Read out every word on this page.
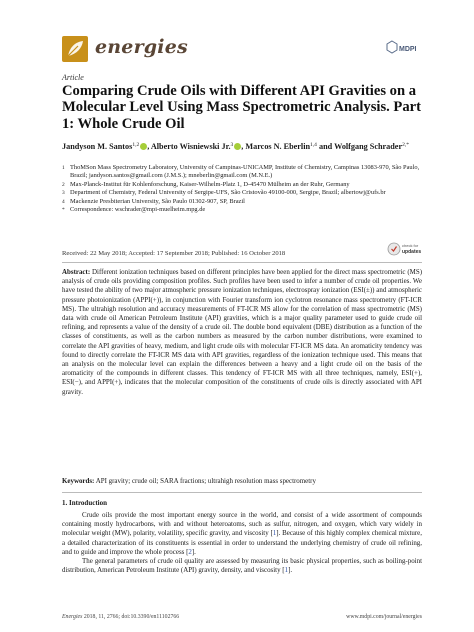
energies	MDPI
Article
Comparing Crude Oils with Different API Gravities on a Molecular Level Using Mass Spectrometric Analysis. Part 1: Whole Crude Oil
Jandyson M. Santos$^{1,2}$ , Alberto Wisniewski Jr.$^3$ , Marcos N. Eberlin$^{1,4}$ and Wolfgang Schrader$^{2,*}$
1 ThoMSon Mass Spectrometry Laboratory, University of Campinas-UNICAMP, Institute of Chemistry, Campinas 13083-970, São Paulo, Brazil; jandyson.santos@gmail.com (J.M.S.); mneberlin@gmail.com (M.N.E.)
2 Max-Planck-Institut für Kohlenforschung, Kaiser-Wilhelm-Platz 1, D-45470 Mülheim an der Ruhr, Germany
3 Department of Chemistry, Federal University of Sergipe-UFS, São Cristovão 49100-000, Sergipe, Brazil; albertowj@ufs.br
4 Mackenzie Presbiterian University, São Paulo 01302-907, SP, Brazil
* Correspondence: wschrader@mpi-muelheim.mpg.de
check for
updates
Received: 22 May 2018; Accepted: 17 September 2018; Published: 16 October 2018

Abstract: Different ionization techniques based on different principles have been applied for the direct mass spectrometric (MS) analysis of crude oils providing composition profiles. Such profiles have been used to infer a number of crude oil properties. We have tested the ability of two major atmospheric pressure ionization techniques, electrospray ionization (ESI(±)) and atmospheric pressure photoionization (APPI(+)), in conjunction with Fourier transform ion cyclotron resonance mass spectrometry (FT-ICR MS). The ultrahigh resolution and accuracy measurements of FT-ICR MS allow for the correlation of mass spectrometric (MS) data with crude oil American Petroleum Institute (API) gravities, which is a major quality parameter used to guide crude oil refining, and represents a value of the density of a crude oil. The double bond equivalent (DBE) distribution as a function of the classes of constituents, as well as the carbon numbers as measured by the carbon number distributions, were examined to correlate the API gravities of heavy, medium, and light crude oils with molecular FT-ICR MS data. An aromaticity tendency was found to directly correlate the FT-ICR MS data with API gravities, regardless of the ionization technique used. This means that an analysis on the molecular level can explain the differences between a heavy and a light crude oil on the basis of the aromaticity of the compounds in different classes. This tendency of FT-ICR MS with all three techniques, namely, ESI(+), ESI(−), and APPI(+), indicates that the molecular composition of the constituents of crude oils is directly associated with API gravity.

Keywords: API gravity; crude oil; SARA fractions; ultrahigh resolution mass spectrometry

1. Introduction

Crude oils provide the most important energy source in the world, and consist of a wide assortment of compounds containing mostly hydrocarbons, with and without heteroatoms, such as sulfur, nitrogen, and oxygen, which vary widely in molecular weight (MW), polarity, volatility, specific gravity, and viscosity [1]. Because of this highly complex chemical mixture, a detailed characterization of its constituents is essential in order to understand the underlying chemistry of crude oil refining, and to guide and improve the whole process [2].

The general parameters of crude oil quality are assessed by measuring its basic physical properties, such as boiling-point distribution, American Petroleum Institute (API) gravity, density, and viscosity [1].

Energies 2018, 11, 2766; doi:10.3390/en11102766	www.mdpi.com/journal/energies
